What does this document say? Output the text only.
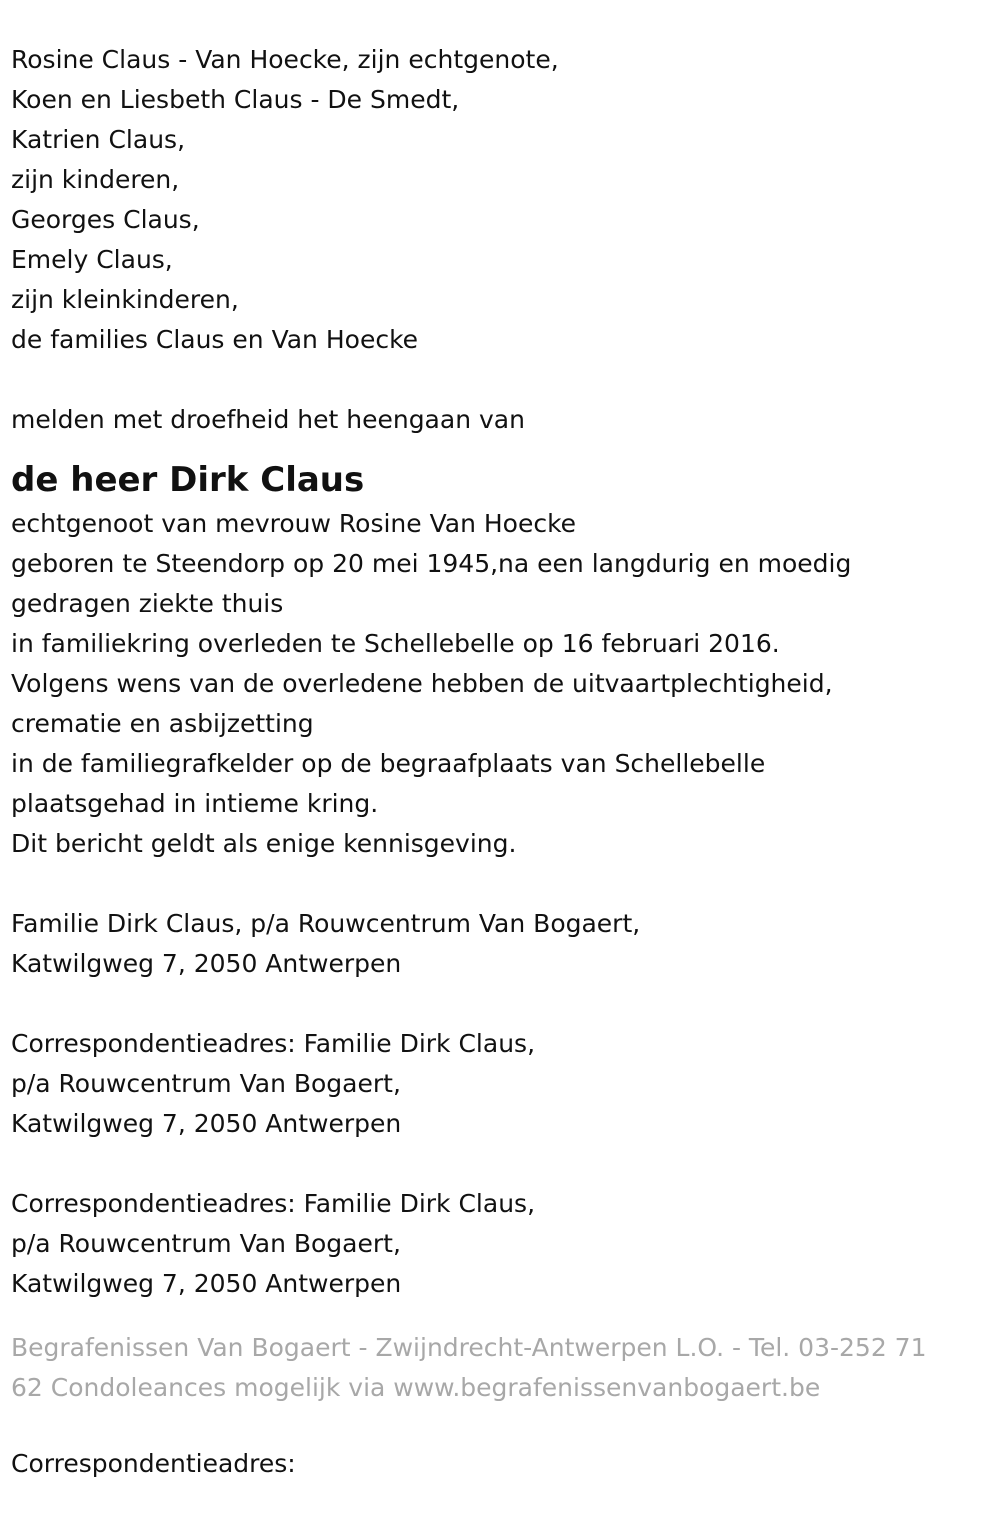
Rosine Claus - Van Hoecke, zijn echtgenote,
Koen en Liesbeth Claus - De Smedt,
Katrien Claus,
zijn kinderen,
Georges Claus,
Emely Claus,
zijn kleinkinderen,
de families Claus en Van Hoecke
melden met droefheid het heengaan van
de heer Dirk Claus
echtgenoot van mevrouw Rosine Van Hoecke
geboren te Steendorp op 20 mei 1945,na een langdurig en moedig
gedragen ziekte thuis
in familiekring overleden te Schellebelle op 16 februari 2016.
Volgens wens van de overledene hebben de uitvaartplechtigheid,
crematie en asbijzetting
in de familiegrafkelder op de begraafplaats van Schellebelle
plaatsgehad in intieme kring.
Dit bericht geldt als enige kennisgeving.
Familie Dirk Claus, p/a Rouwcentrum Van Bogaert,
Katwilgweg 7, 2050 Antwerpen
Correspondentieadres: Familie Dirk Claus,
p/a Rouwcentrum Van Bogaert,
Katwilgweg 7, 2050 Antwerpen
Correspondentieadres: Familie Dirk Claus,
p/a Rouwcentrum Van Bogaert,
Katwilgweg 7, 2050 Antwerpen
Begrafenissen Van Bogaert - Zwijndrecht-Antwerpen L.O. - Tel. 03-252 71
62 Condoleances mogelijk via www.begrafenissenvanbogaert.be
Correspondentieadres:
